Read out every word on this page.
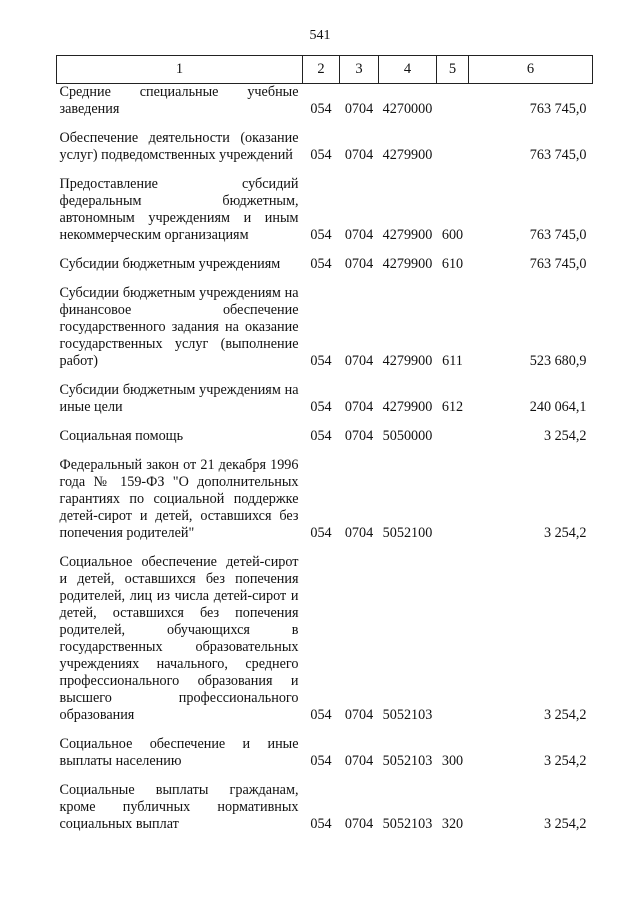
541
1	2	3	4	5	6
Средние специальные учебные заведения	054	0704	4270000		763 745,0
Обеспечение деятельности (оказание услуг) подведомственных учреждений	054	0704	4279900		763 745,0
Предоставление субсидий федеральным бюджетным, автономным учреждениям и иным некоммерческим организациям	054	0704	4279900	600	763 745,0
Субсидии бюджетным учреждениям	054	0704	4279900	610	763 745,0
Субсидии бюджетным учреждениям на финансовое обеспечение государственного задания на оказание государственных услуг (выполнение работ)	054	0704	4279900	611	523 680,9
Субсидии бюджетным учреждениям на иные цели	054	0704	4279900	612	240 064,1
Социальная помощь	054	0704	5050000		3 254,2
Федеральный закон от 21 декабря 1996 года № 159-ФЗ "О дополнительных гарантиях по социальной поддержке детей-сирот и детей, оставшихся без попечения родителей"	054	0704	5052100		3 254,2
Социальное обеспечение детей-сирот и детей, оставшихся без попечения родителей, лиц из числа детей-сирот и детей, оставшихся без попечения родителей, обучающихся в государственных образовательных учреждениях начального, среднего профессионального образования и высшего профессионального образования	054	0704	5052103		3 254,2
Социальное обеспечение и иные выплаты населению	054	0704	5052103	300	3 254,2
Социальные выплаты гражданам, кроме публичных нормативных социальных выплат	054	0704	5052103	320	3 254,2
